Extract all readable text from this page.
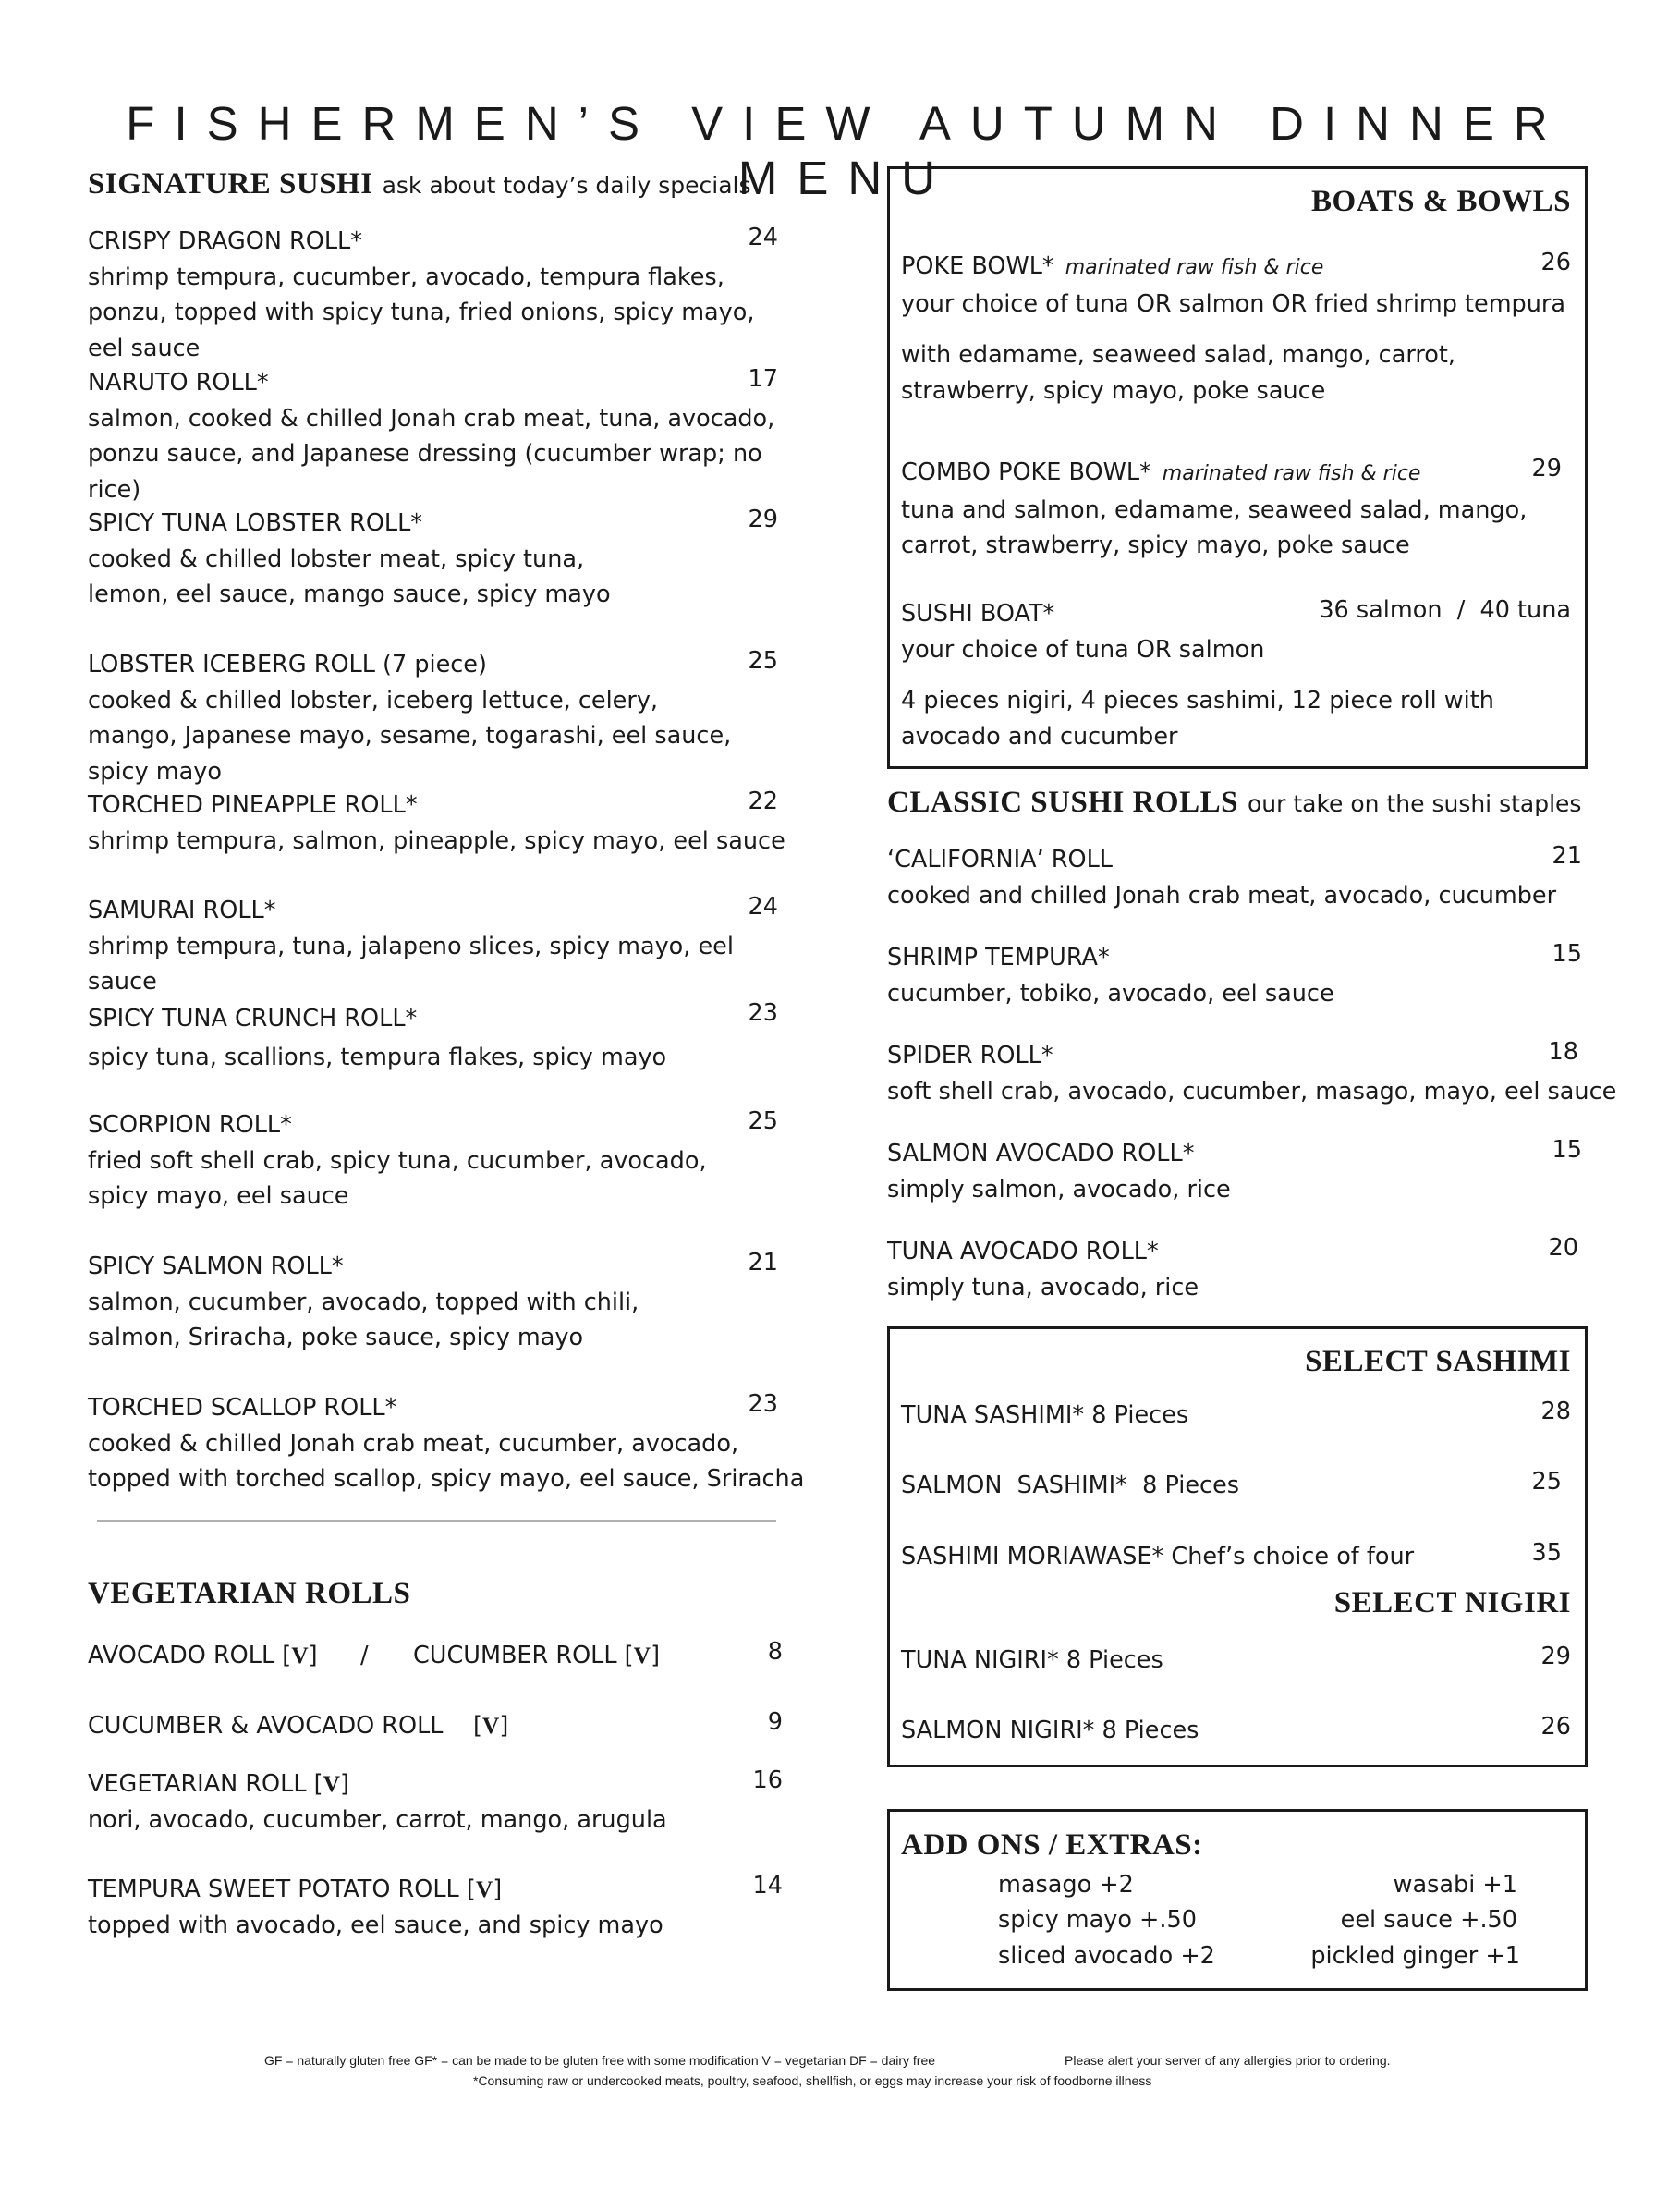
FISHERMEN’S VIEW AUTUMN DINNER MENU
SIGNATURE SUSHI ask about today’s daily specials
CRISPY DRAGON ROLL*
shrimp tempura, cucumber, avocado, tempura flakes, ponzu, topped with spicy tuna, fried onions, spicy mayo, eel sauce
24
NARUTO ROLL*
salmon, cooked & chilled Jonah crab meat, tuna, avocado, ponzu sauce, and Japanese dressing (cucumber wrap; no rice)
17
SPICY TUNA LOBSTER ROLL*
cooked & chilled lobster meat, spicy tuna, lemon, eel sauce, mango sauce, spicy mayo
29
LOBSTER ICEBERG ROLL (7 piece)
cooked & chilled lobster, iceberg lettuce, celery, mango, Japanese mayo, sesame, togarashi, eel sauce, spicy mayo
25
TORCHED PINEAPPLE ROLL*
shrimp tempura, salmon, pineapple, spicy mayo, eel sauce
22
SAMURAI ROLL*
shrimp tempura, tuna, jalapeno slices, spicy mayo, eel sauce
24
SPICY TUNA CRUNCH ROLL*
spicy tuna, scallions, tempura flakes, spicy mayo
23
SCORPION ROLL*
fried soft shell crab, spicy tuna, cucumber, avocado, spicy mayo, eel sauce
25
SPICY SALMON ROLL*
salmon, cucumber, avocado, topped with chili, salmon, Sriracha, poke sauce, spicy mayo
21
TORCHED SCALLOP ROLL*
cooked & chilled Jonah crab meat, cucumber, avocado, topped with torched scallop, spicy mayo, eel sauce, Sriracha
23
VEGETARIAN ROLLS
AVOCADO ROLL [V] / CUCUMBER ROLL [V]	8
CUCUMBER & AVOCADO ROLL    [V]	9
VEGETARIAN ROLL [V]
nori, avocado, cucumber, carrot, mango, arugula
16
TEMPURA SWEET POTATO ROLL [V]
topped with avocado, eel sauce, and spicy mayo
14
BOATS & BOWLS
POKE BOWL* marinated raw fish & rice
your choice of tuna OR salmon OR fried shrimp tempura
26
with edamame, seaweed salad, mango, carrot, strawberry, spicy mayo, poke sauce
COMBO POKE BOWL* marinated raw fish & rice
tuna and salmon, edamame, seaweed salad, mango, carrot, strawberry, spicy mayo, poke sauce
29
SUSHI BOAT*
your choice of tuna OR salmon
36 salmon  /  40 tuna
4 pieces nigiri, 4 pieces sashimi, 12 piece roll with avocado and cucumber
CLASSIC SUSHI ROLLS our take on the sushi staples
‘CALIFORNIA’ ROLL
cooked and chilled Jonah crab meat, avocado, cucumber
21
SHRIMP TEMPURA*
cucumber, tobiko, avocado, eel sauce
15
SPIDER ROLL*
soft shell crab, avocado, cucumber, masago, mayo, eel sauce
18
SALMON AVOCADO ROLL*
simply salmon, avocado, rice
15
TUNA AVOCADO ROLL*
simply tuna, avocado, rice
20
SELECT SASHIMI
TUNA SASHIMI* 8 Pieces	28
SALMON  SASHIMI*  8 Pieces	25
SASHIMI MORIAWASE* Chef’s choice of four	35
SELECT NIGIRI
TUNA NIGIRI* 8 Pieces	29
SALMON NIGIRI* 8 Pieces	26
ADD ONS / EXTRAS:
masago +2
spicy mayo +.50
sliced avocado +2
wasabi +1
eel sauce +.50
pickled ginger +1
GF = naturally gluten free GF* = can be made to be gluten free with some modification V = vegetarian DF = dairy free	Please alert your server of any allergies prior to ordering.
*Consuming raw or undercooked meats, poultry, seafood, shellfish, or eggs may increase your risk of foodborne illness
